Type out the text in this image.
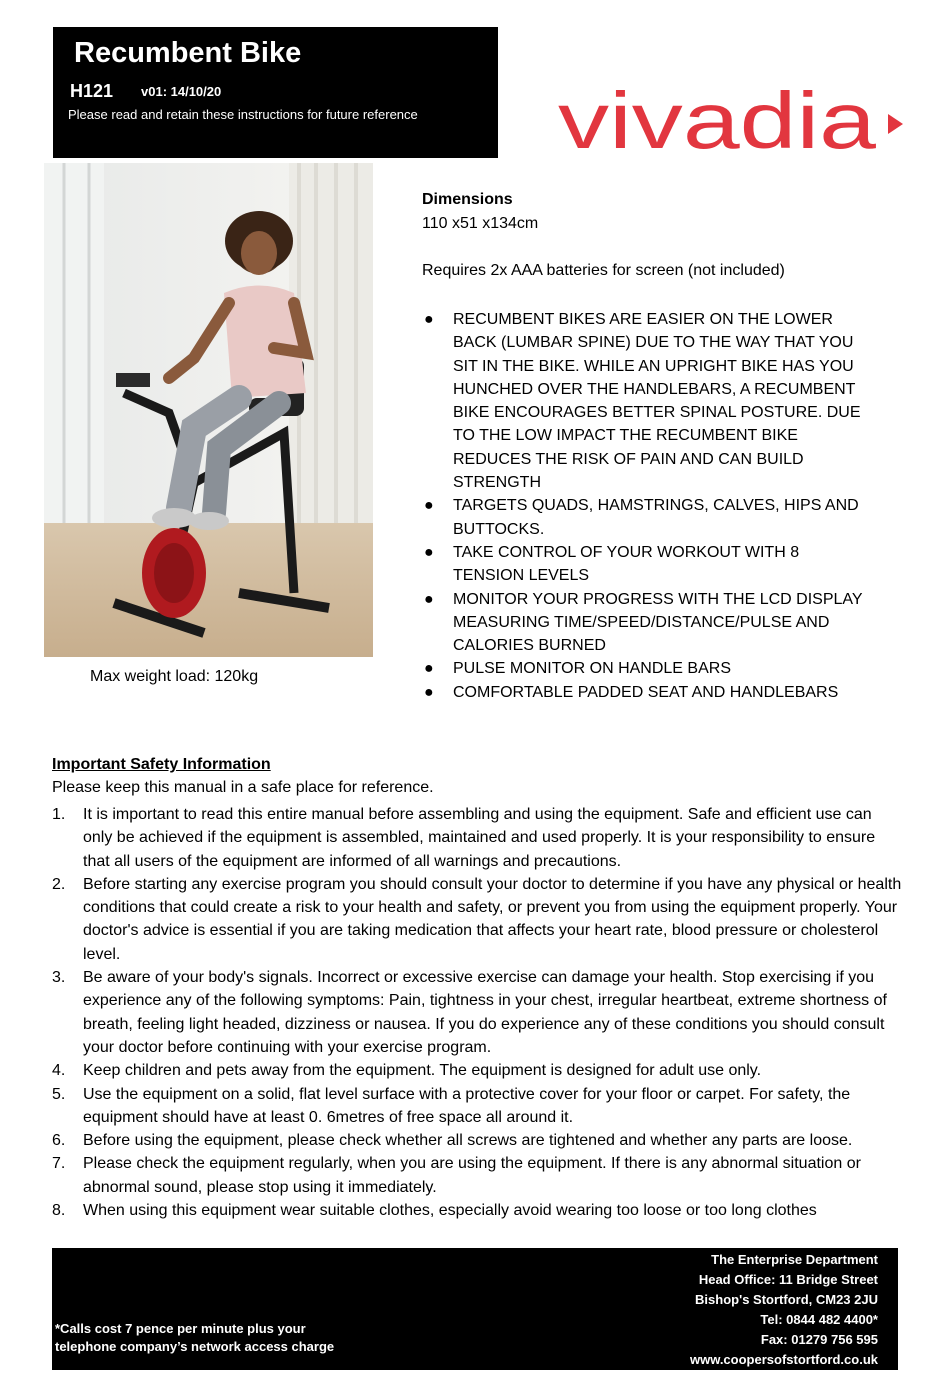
Recumbent Bike
H121 v01: 14/10/20
Please read and retain these instructions for future reference vivadia
Max weight load: 120kg
Dimensions
110 x51 x134cm
Requires 2x AAA batteries for screen (not included)
● RECUMBENT BIKES ARE EASIER ON THE LOWER BACK (LUMBAR SPINE) DUE TO THE WAY THAT YOU SIT IN THE BIKE. WHILE AN UPRIGHT BIKE HAS YOU HUNCHED OVER THE HANDLEBARS, A RECUMBENT BIKE ENCOURAGES BETTER SPINAL POSTURE. DUE TO THE LOW IMPACT THE RECUMBENT BIKE REDUCES THE RISK OF PAIN AND CAN BUILD STRENGTH
● TARGETS QUADS, HAMSTRINGS, CALVES, HIPS AND BUTTOCKS.
● TAKE CONTROL OF YOUR WORKOUT WITH 8 TENSION LEVELS
● MONITOR YOUR PROGRESS WITH THE LCD DISPLAY MEASURING TIME/SPEED/DISTANCE/PULSE AND CALORIES BURNED
● PULSE MONITOR ON HANDLE BARS
● COMFORTABLE PADDED SEAT AND HANDLEBARS
Important Safety Information
Please keep this manual in a safe place for reference.
1. It is important to read this entire manual before assembling and using the equipment. Safe and efficient use can only be achieved if the equipment is assembled, maintained and used properly. It is your responsibility to ensure that all users of the equipment are informed of all warnings and precautions.
2. Before starting any exercise program you should consult your doctor to determine if you have any physical or health conditions that could create a risk to your health and safety, or prevent you from using the equipment properly. Your doctor's advice is essential if you are taking medication that affects your heart rate, blood pressure or cholesterol level.
3. Be aware of your body's signals. Incorrect or excessive exercise can damage your health. Stop exercising if you experience any of the following symptoms: Pain, tightness in your chest, irregular heartbeat, extreme shortness of breath, feeling light headed, dizziness or nausea. If you do experience any of these conditions you should consult your doctor before continuing with your exercise program.
4. Keep children and pets away from the equipment. The equipment is designed for adult use only.
5. Use the equipment on a solid, flat level surface with a protective cover for your floor or carpet. For safety, the equipment should have at least 0. 6metres of free space all around it.
6. Before using the equipment, please check whether all screws are tightened and whether any parts are loose.
7. Please check the equipment regularly, when you are using the equipment. If there is any abnormal situation or abnormal sound, please stop using it immediately.
8. When using this equipment wear suitable clothes, especially avoid wearing too loose or too long clothes
*Calls cost 7 pence per minute plus your
telephone company’s network access charge
The Enterprise Department
Head Office: 11 Bridge Street
Bishop's Stortford, CM23 2JU
Tel: 0844 482 4400*
Fax: 01279 756 595
www.coopersofstortford.co.uk
